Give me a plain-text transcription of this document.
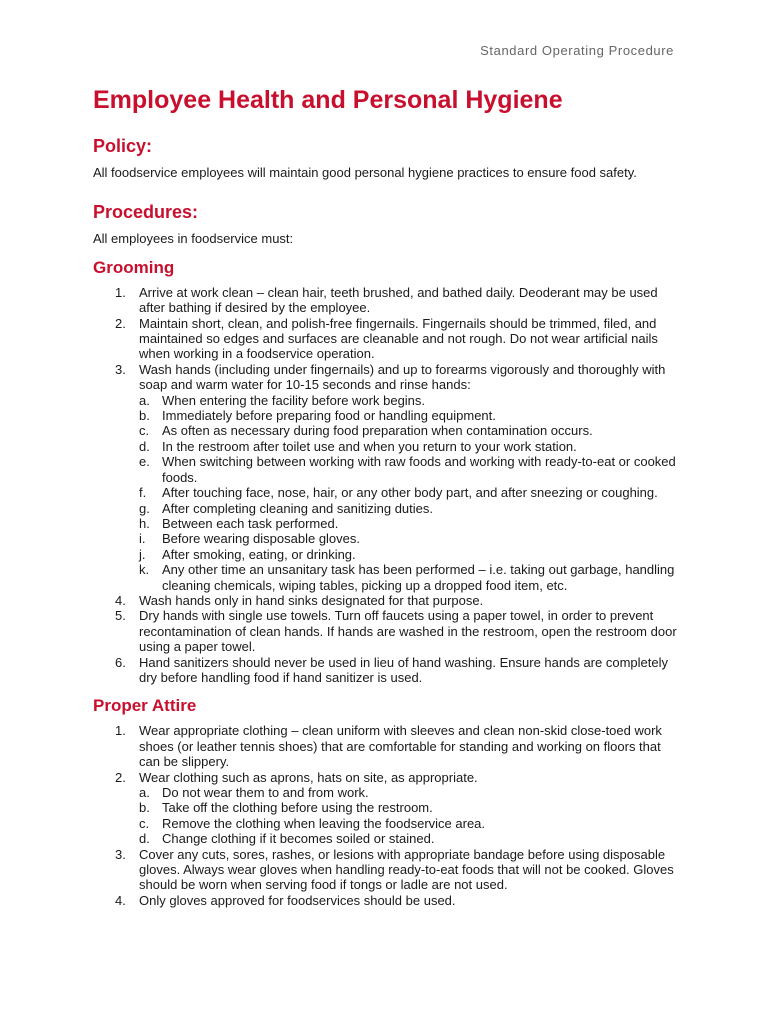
Standard Operating Procedure
Employee Health and Personal Hygiene
Policy:

All foodservice employees will maintain good personal hygiene practices to ensure food safety.

Procedures:

All employees in foodservice must:

Grooming
1. Arrive at work clean – clean hair, teeth brushed, and bathed daily. Deoderant may be used after bathing if desired by the employee.
2. Maintain short, clean, and polish-free fingernails. Fingernails should be trimmed, filed, and maintained so edges and surfaces are cleanable and not rough. Do not wear artificial nails when working in a foodservice operation.
3. Wash hands (including under fingernails) and up to forearms vigorously and thoroughly with soap and warm water for 10-15 seconds and rinse hands:
a. When entering the facility before work begins.
b. Immediately before preparing food or handling equipment.
c. As often as necessary during food preparation when contamination occurs.
d. In the restroom after toilet use and when you return to your work station.
e. When switching between working with raw foods and working with ready-to-eat or cooked foods.
f. After touching face, nose, hair, or any other body part, and after sneezing or coughing.
g. After completing cleaning and sanitizing duties.
h. Between each task performed.
i. Before wearing disposable gloves.
j. After smoking, eating, or drinking.
k. Any other time an unsanitary task has been performed – i.e. taking out garbage, handling cleaning chemicals, wiping tables, picking up a dropped food item, etc.
4. Wash hands only in hand sinks designated for that purpose.
5. Dry hands with single use towels. Turn off faucets using a paper towel, in order to prevent recontamination of clean hands. If hands are washed in the restroom, open the restroom door using a paper towel.
6. Hand sanitizers should never be used in lieu of hand washing. Ensure hands are completely dry before handling food if hand sanitizer is used.
Proper Attire
1. Wear appropriate clothing – clean uniform with sleeves and clean non-skid close-toed work shoes (or leather tennis shoes) that are comfortable for standing and working on floors that can be slippery.
2. Wear clothing such as aprons, hats on site, as appropriate.
a. Do not wear them to and from work.
b. Take off the clothing before using the restroom.
c. Remove the clothing when leaving the foodservice area.
d. Change clothing if it becomes soiled or stained.
3. Cover any cuts, sores, rashes, or lesions with appropriate bandage before using disposable gloves. Always wear gloves when handling ready-to-eat foods that will not be cooked. Gloves should be worn when serving food if tongs or ladle are not used.
4. Only gloves approved for foodservices should be used.
